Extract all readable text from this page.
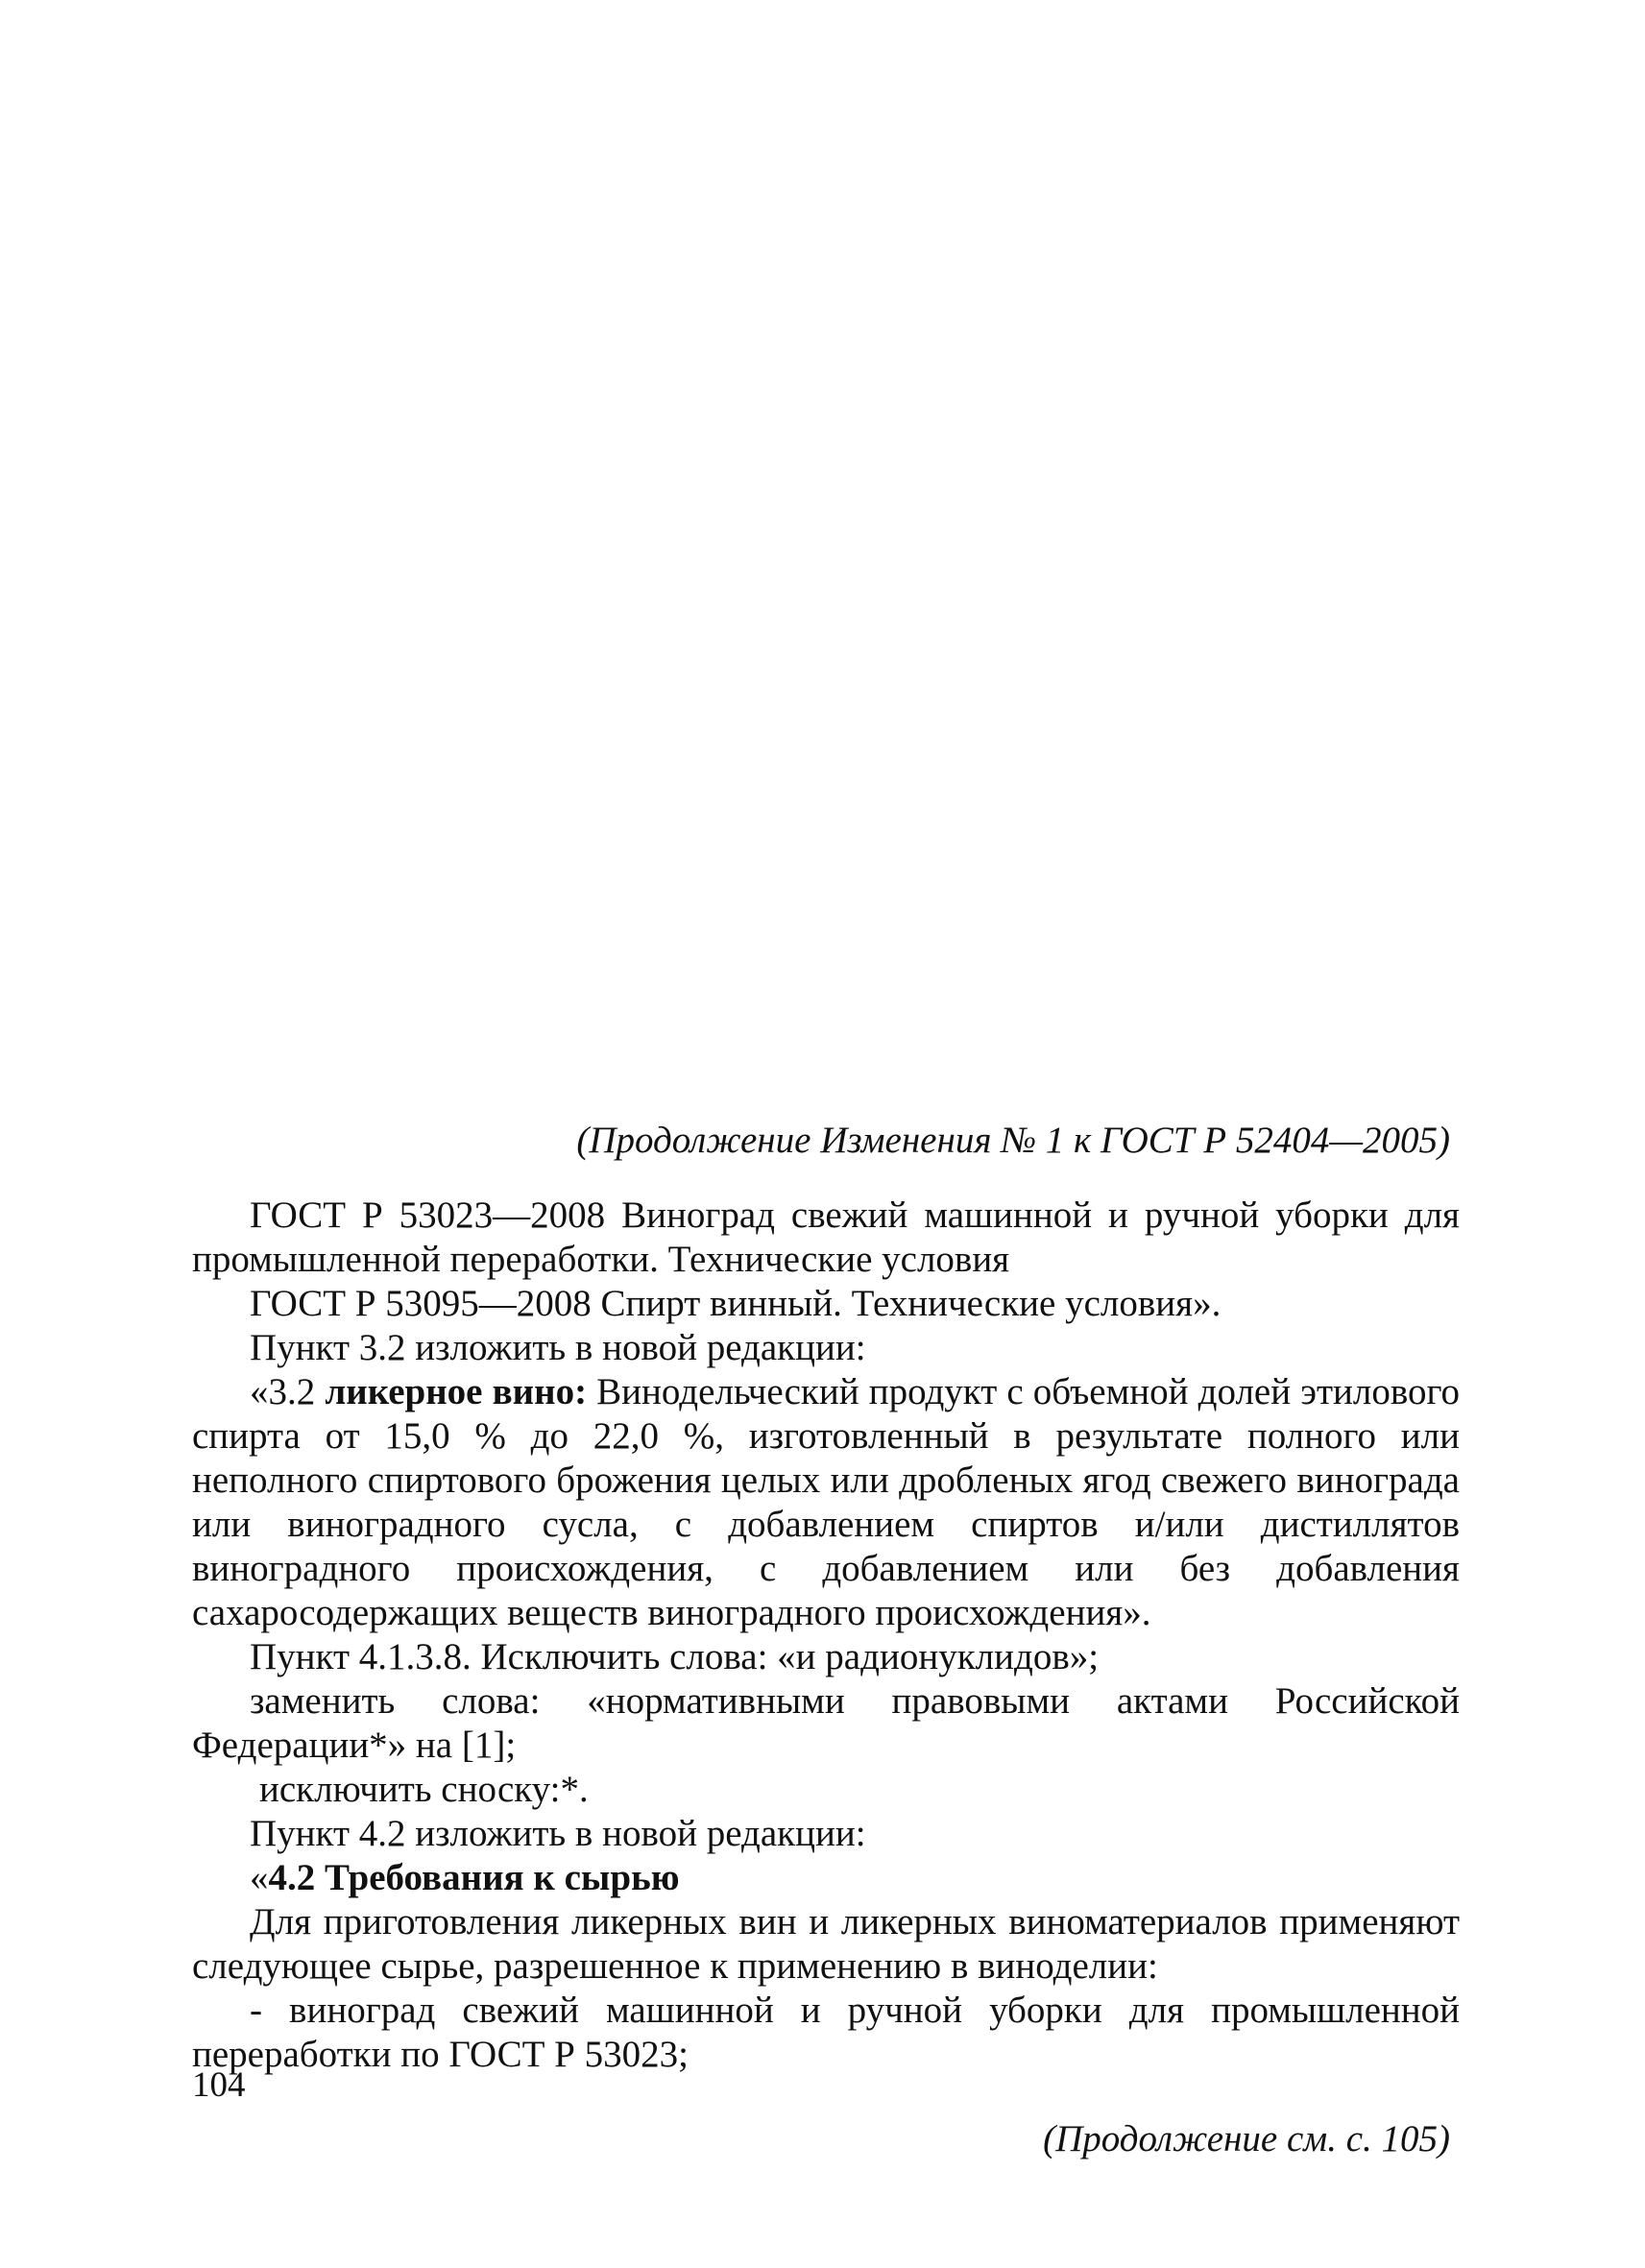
(Продолжение Изменения № 1 к ГОСТ Р 52404—2005)

ГОСТ Р 53023—2008 Виноград свежий машинной и ручной уборки для промышленной переработки. Технические условия

ГОСТ Р 53095—2008 Спирт винный. Технические условия».

Пункт 3.2 изложить в новой редакции:

«3.2 ликерное вино: Винодельческий продукт с объемной долей этилового спирта от 15,0 % до 22,0 %, изготовленный в результате полного или неполного спиртового брожения целых или дробленых ягод свежего винограда или виноградного сусла, с добавлением спиртов и/или дистиллятов виноградного происхождения, с добавлением или без добавления сахаросодержащих веществ виноградного происхождения».

Пункт 4.1.3.8. Исключить слова: «и радионуклидов»;

заменить слова: «нормативными правовыми актами Российской Федерации*» на [1];

исключить сноску:*.

Пункт 4.2 изложить в новой редакции:

«4.2 Требования к сырью

Для приготовления ликерных вин и ликерных виноматериалов применяют следующее сырье, разрешенное к применению в виноделии:

- виноград свежий машинной и ручной уборки для промышленной переработки по ГОСТ Р 53023;

(Продолжение см. с. 105)

104
